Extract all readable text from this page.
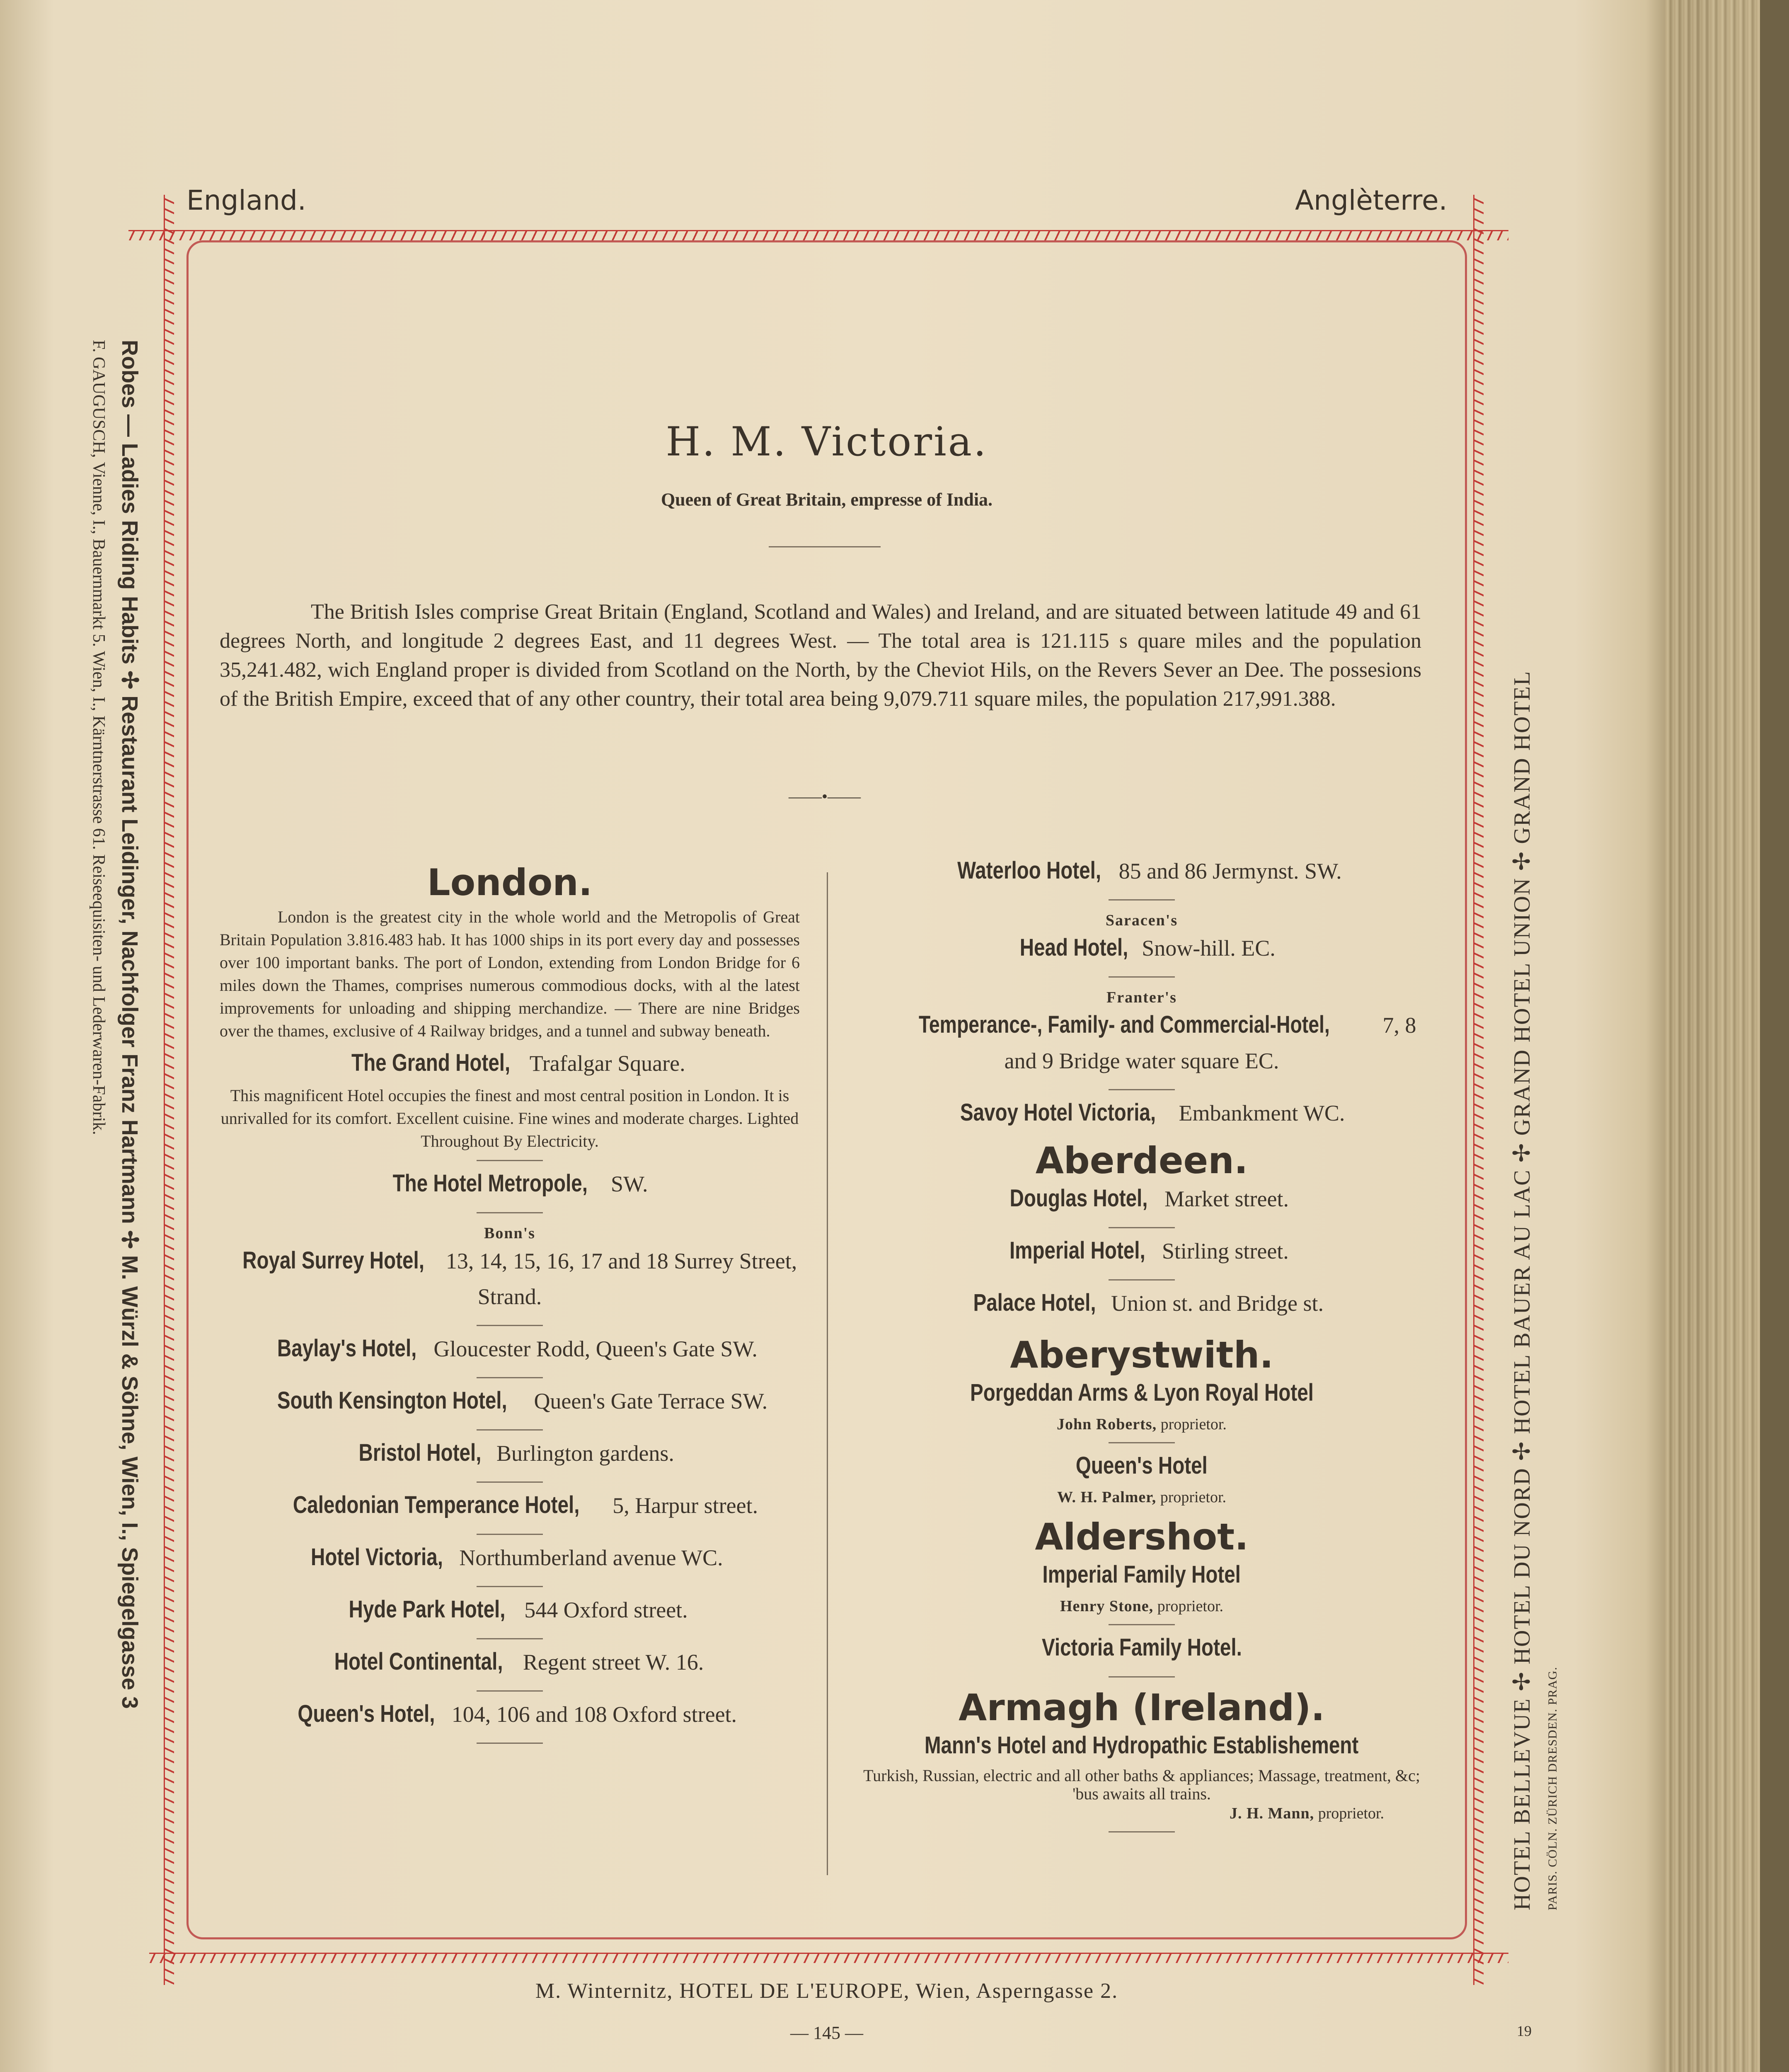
England.	Anglèterre.
Robes — Ladies Riding Habits ✢ Restaurant Leidinger, Nachfolger Franz Hartmann ✢ M. Würzl & Söhne, Wien, I., Spiegelgasse 3
F. GAUGUSCH, Vienne, I., Bauernmarkt 5. Wien, I., Kärntnerstrasse 61. Reiseequisiten- und Lederwaren-Fabrik.	HOTEL BELLEVUE ✢ HOTEL DU NORD ✢ HOTEL BAUER AU LAC ✢ GRAND HOTEL UNION ✢ GRAND HOTEL PARIS. CÖLN. ZÜRICH DRESDEN. PRAG.
H. M. Victoria.
Queen of Great Britain, empresse of India.

The British Isles comprise Great Britain (England, Scotland and Wales) and Ireland, and are situated between latitude 49 and 61 degrees North, and longitude 2 degrees East, and 11 degrees West. — The total area is 121.115 s quare miles and the population 35,241.482, wich England proper is divided from Scotland on the North, by the Cheviot Hils, on the Revers Sever an Dee. The possesions of the British Empire, exceed that of any other country, their total area being 9,079.711 square miles, the population 217,991.388.

——•——
London.

London is the greatest city in the whole world and the Metropolis of Great Britain Population 3.816.483 hab. It has 1000 ships in its port every day and possesses over 100 important banks. The port of London, extending from London Bridge for 6 miles down the Thames, comprises numerous commodious docks, with al the latest improvements for unloading and shipping merchandize. — There are nine Bridges over the thames, exclusive of 4 Railway bridges, and a tunnel and subway beneath.

The Grand Hotel, Trafalgar Square.

This magnificent Hotel occupies the finest and most central position in London. It is unrivalled for its comfort. Excellent cuisine. Fine wines and moderate charges. Lighted Throughout By Electricity.

The Hotel Metropole, SW.
Bonn's
Royal Surrey Hotel, 13, 14, 15, 16, 17 and 18 Surrey Street, Strand.
Baylay's Hotel, Gloucester Rodd, Queen's Gate SW.
South Kensington Hotel, Queen's Gate Terrace SW.
Bristol Hotel, Burlington gardens.
Caledonian Temperance Hotel, 5, Harpur street.
Hotel Victoria, Northumberland avenue WC.
Hyde Park Hotel, 544 Oxford street.
Hotel Continental, Regent street W. 16.
Queen's Hotel, 104, 106 and 108 Oxford street.
Waterloo Hotel, 85 and 86 Jermynst. SW.
Saracen's
Head Hotel, Snow-hill. EC.
Franter's
Temperance-, Family- and Commercial-Hotel, 7, 8 and 9 Bridge water square EC.
Savoy Hotel Victoria, Embankment WC.
Aberdeen.
Douglas Hotel, Market street.
Imperial Hotel, Stirling street.
Palace Hotel, Union st. and Bridge st.
Aberystwith.
Porgeddan Arms & Lyon Royal Hotel
John Roberts, proprietor.
Queen's Hotel
W. H. Palmer, proprietor.
Aldershot.
Imperial Family Hotel
Henry Stone, proprietor.
Victoria Family Hotel.
Armagh (Ireland).
Mann's Hotel and Hydropathic Establishement

Turkish, Russian, electric and all other baths & appliances; Massage, treatment, &c; 'bus awaits all trains.

J. H. Mann, proprietor.
M. Winternitz, HOTEL DE L'EUROPE, Wien, Asperngasse 2.
— 145 —	19
